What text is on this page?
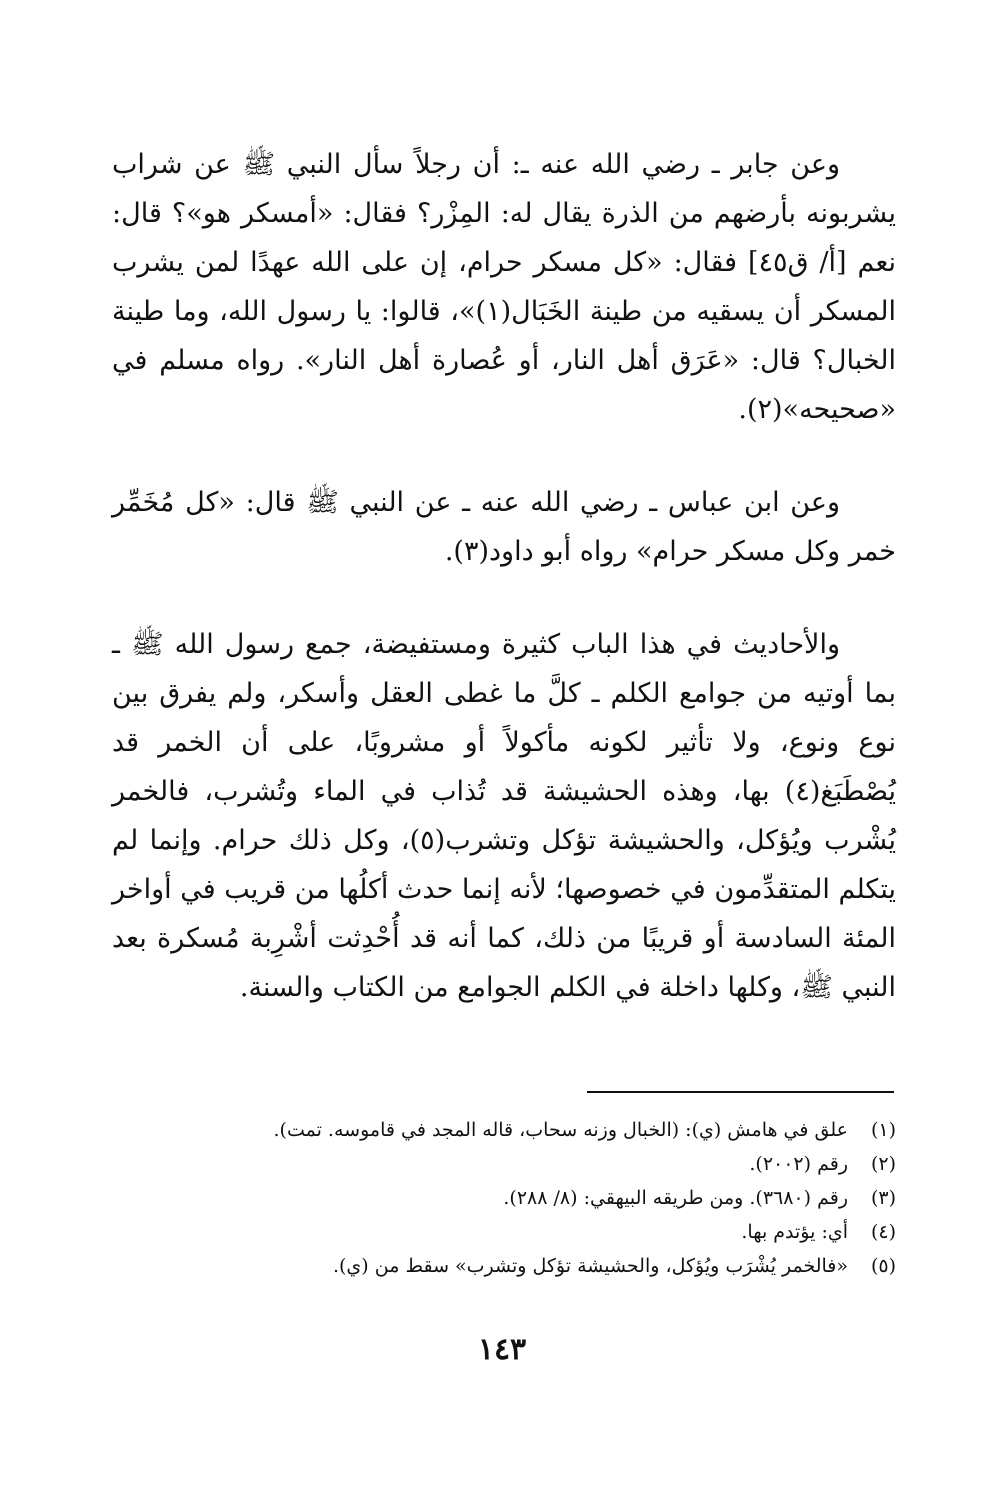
وعن جابر ـ رضي الله عنه ـ: أن رجلاً سأل النبي ﷺ عن شراب يشربونه بأرضهم من الذرة يقال له: المِزْر؟ فقال: «أمسكر هو»؟ قال: نعم [أ/ ق٤٥] فقال: «كل مسكر حرام، إن على الله عهدًا لمن يشرب المسكر أن يسقيه من طينة الخَبَال(١)»، قالوا: يا رسول الله، وما طينة الخبال؟ قال: «عَرَق أهل النار، أو عُصارة أهل النار». رواه مسلم في «صحيحه»(٢).

وعن ابن عباس ـ رضي الله عنه ـ عن النبي ﷺ قال: «كل مُخَمِّر خمر وكل مسكر حرام» رواه أبو داود(٣).

والأحاديث في هذا الباب كثيرة ومستفيضة، جمع رسول الله ﷺ ـ بما أوتيه من جوامع الكلم ـ كلَّ ما غطى العقل وأسكر، ولم يفرق بين نوع ونوع، ولا تأثير لكونه مأكولاً أو مشروبًا، على أن الخمر قد يُصْطَبَغ(٤) بها، وهذه الحشيشة قد تُذاب في الماء وتُشرب، فالخمر يُشْرب ويُؤكل، والحشيشة تؤكل وتشرب(٥)، وكل ذلك حرام. وإنما لم يتكلم المتقدِّمون في خصوصها؛ لأنه إنما حدث أكلُها من قريب في أواخر المئة السادسة أو قريبًا من ذلك، كما أنه قد أُحْدِثت أشْرِبة مُسكرة بعد النبي ﷺ، وكلها داخلة في الكلم الجوامع من الكتاب والسنة.

(١)
علق في هامش (ي): (الخبال وزنه سحاب، قاله المجد في قاموسه. تمت).
(٢)
رقم (٢٠٠٢).
(٣)
رقم (٣٦٨٠). ومن طريقه البيهقي: (٨/ ٢٨٨).
(٤)
أي: يؤتدم بها.
(٥)
«فالخمر يُشْرَب ويُؤكل، والحشيشة تؤكل وتشرب» سقط من (ي).
١٤٣
